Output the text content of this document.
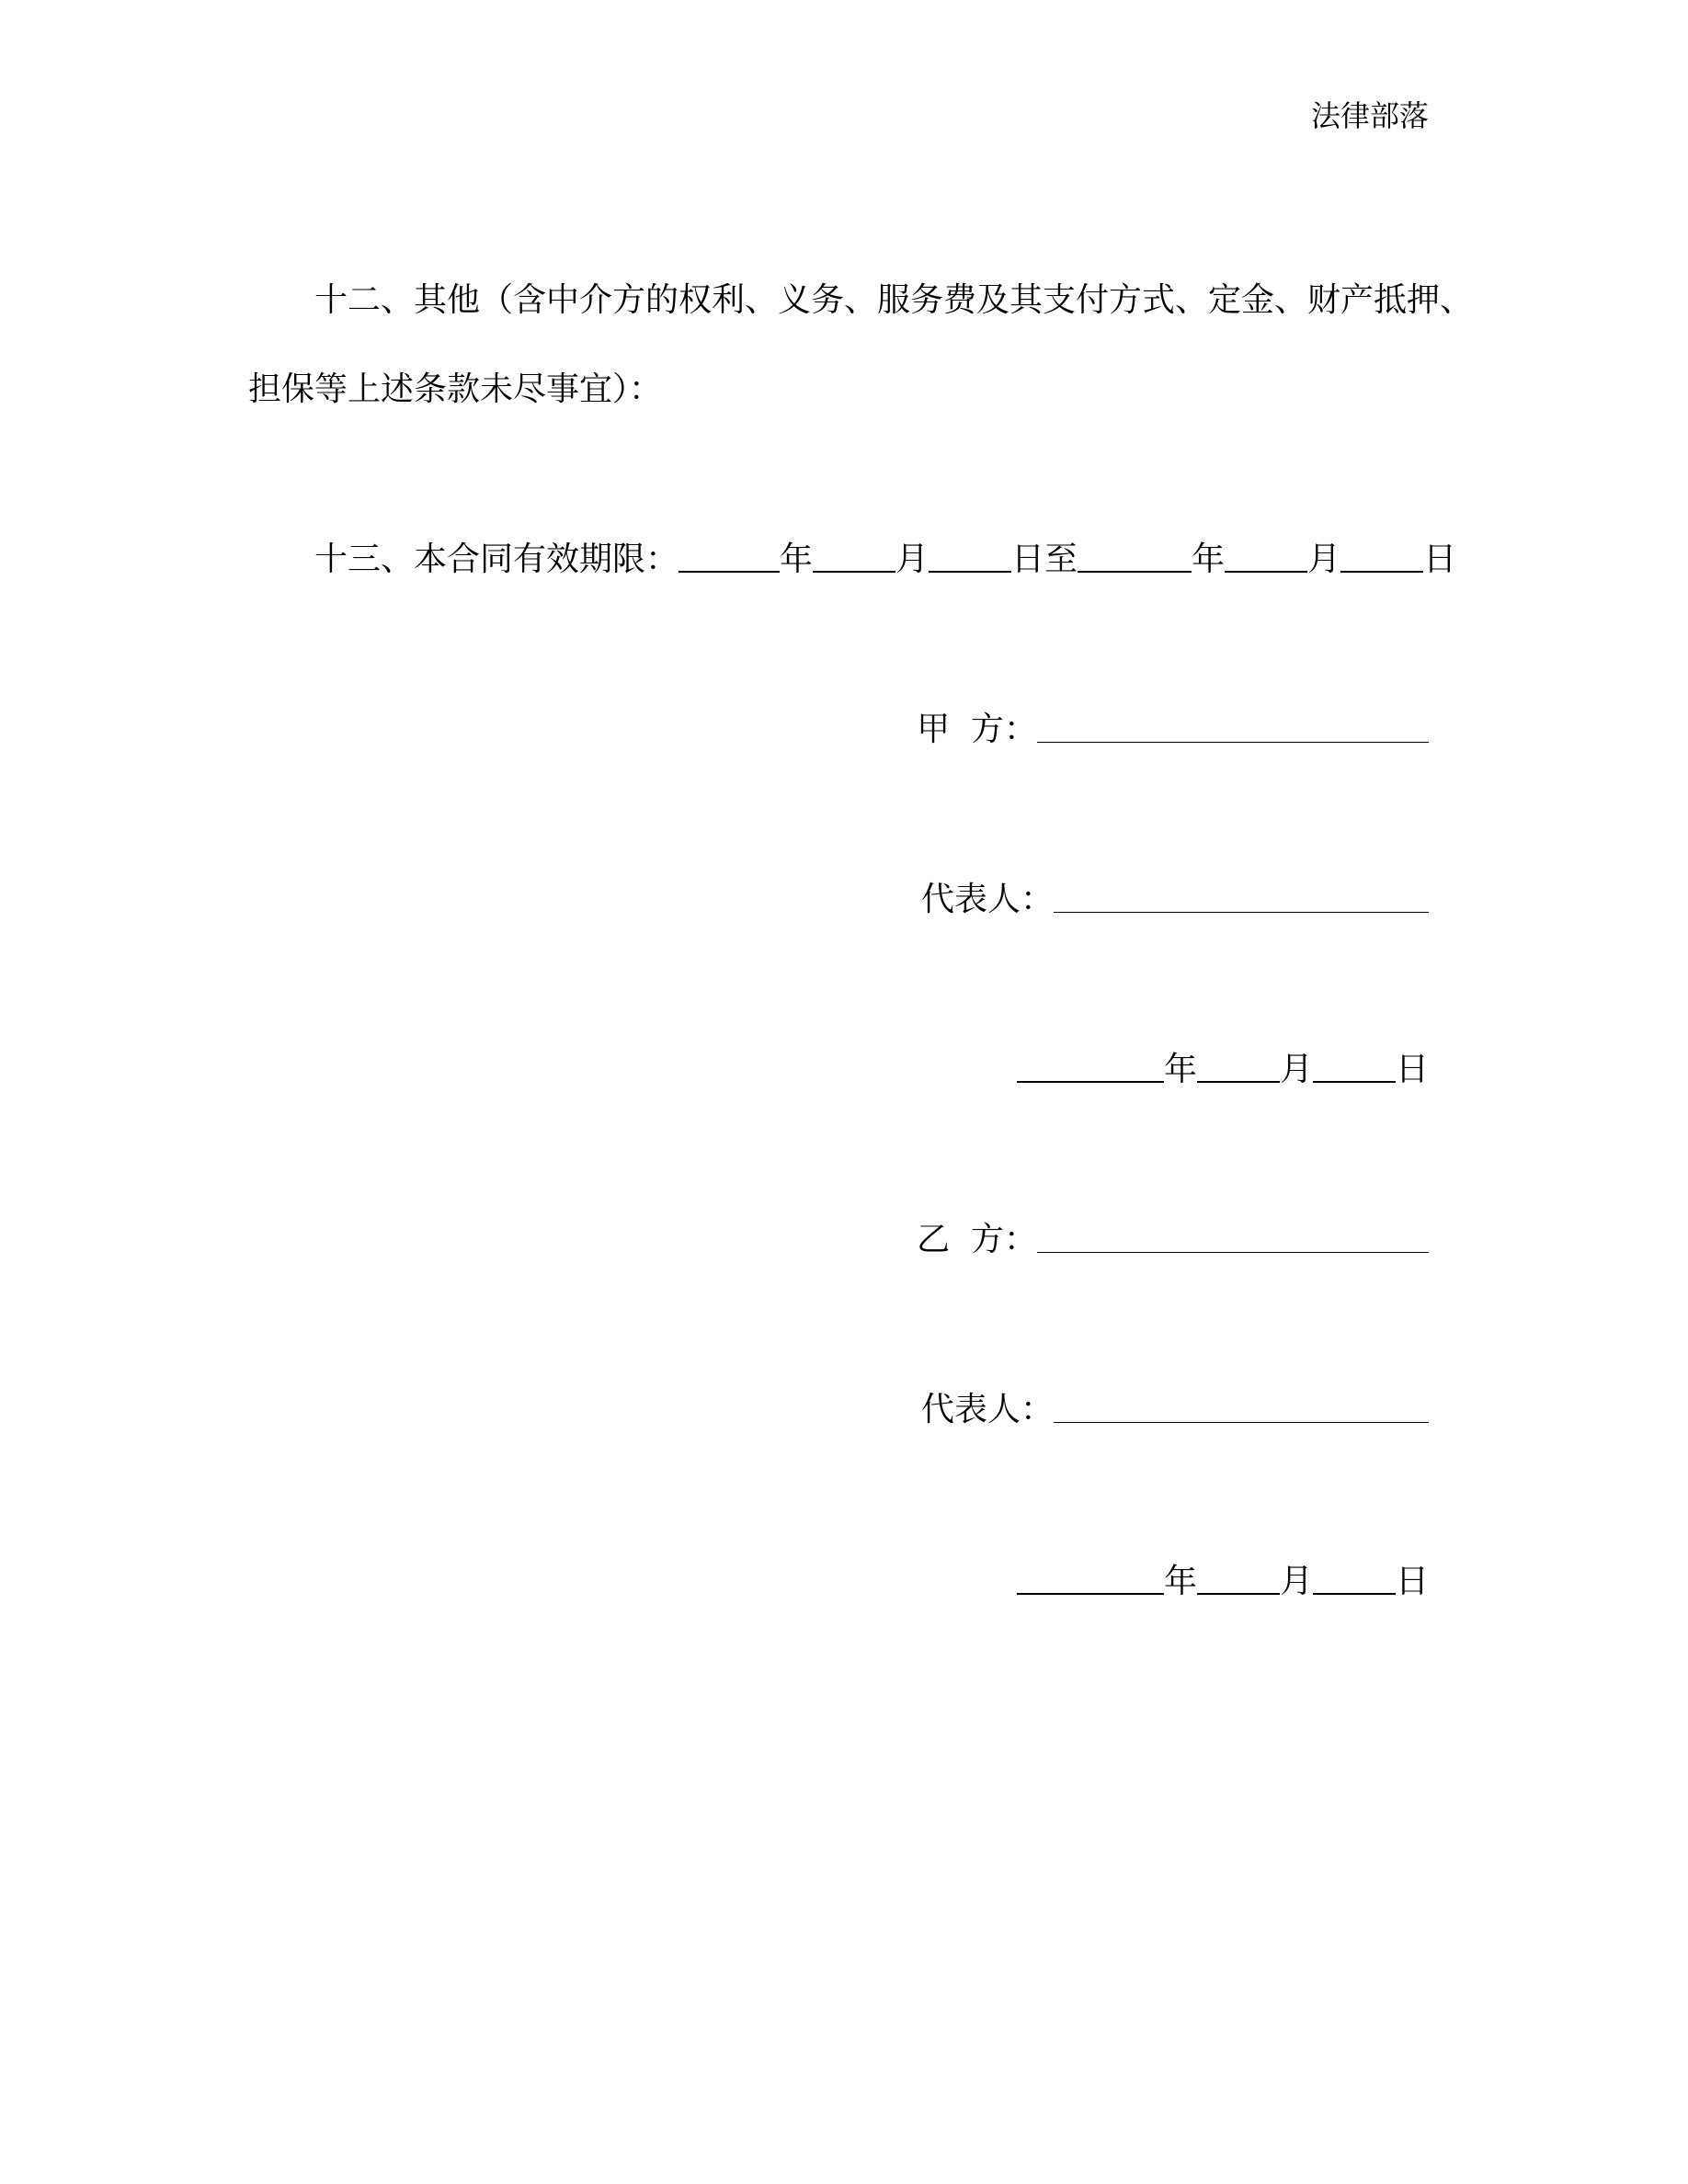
法律部落
十二、其他（含中介方的权利、义务、服务费及其支付方式、定金、财产抵押、
担保等上述条款未尽事宜）：
十三、本合同有效期限：	年	月	日至	年	月	日
甲  方：
代表人：
年	月	日
乙  方：
代表人：
年	月	日
